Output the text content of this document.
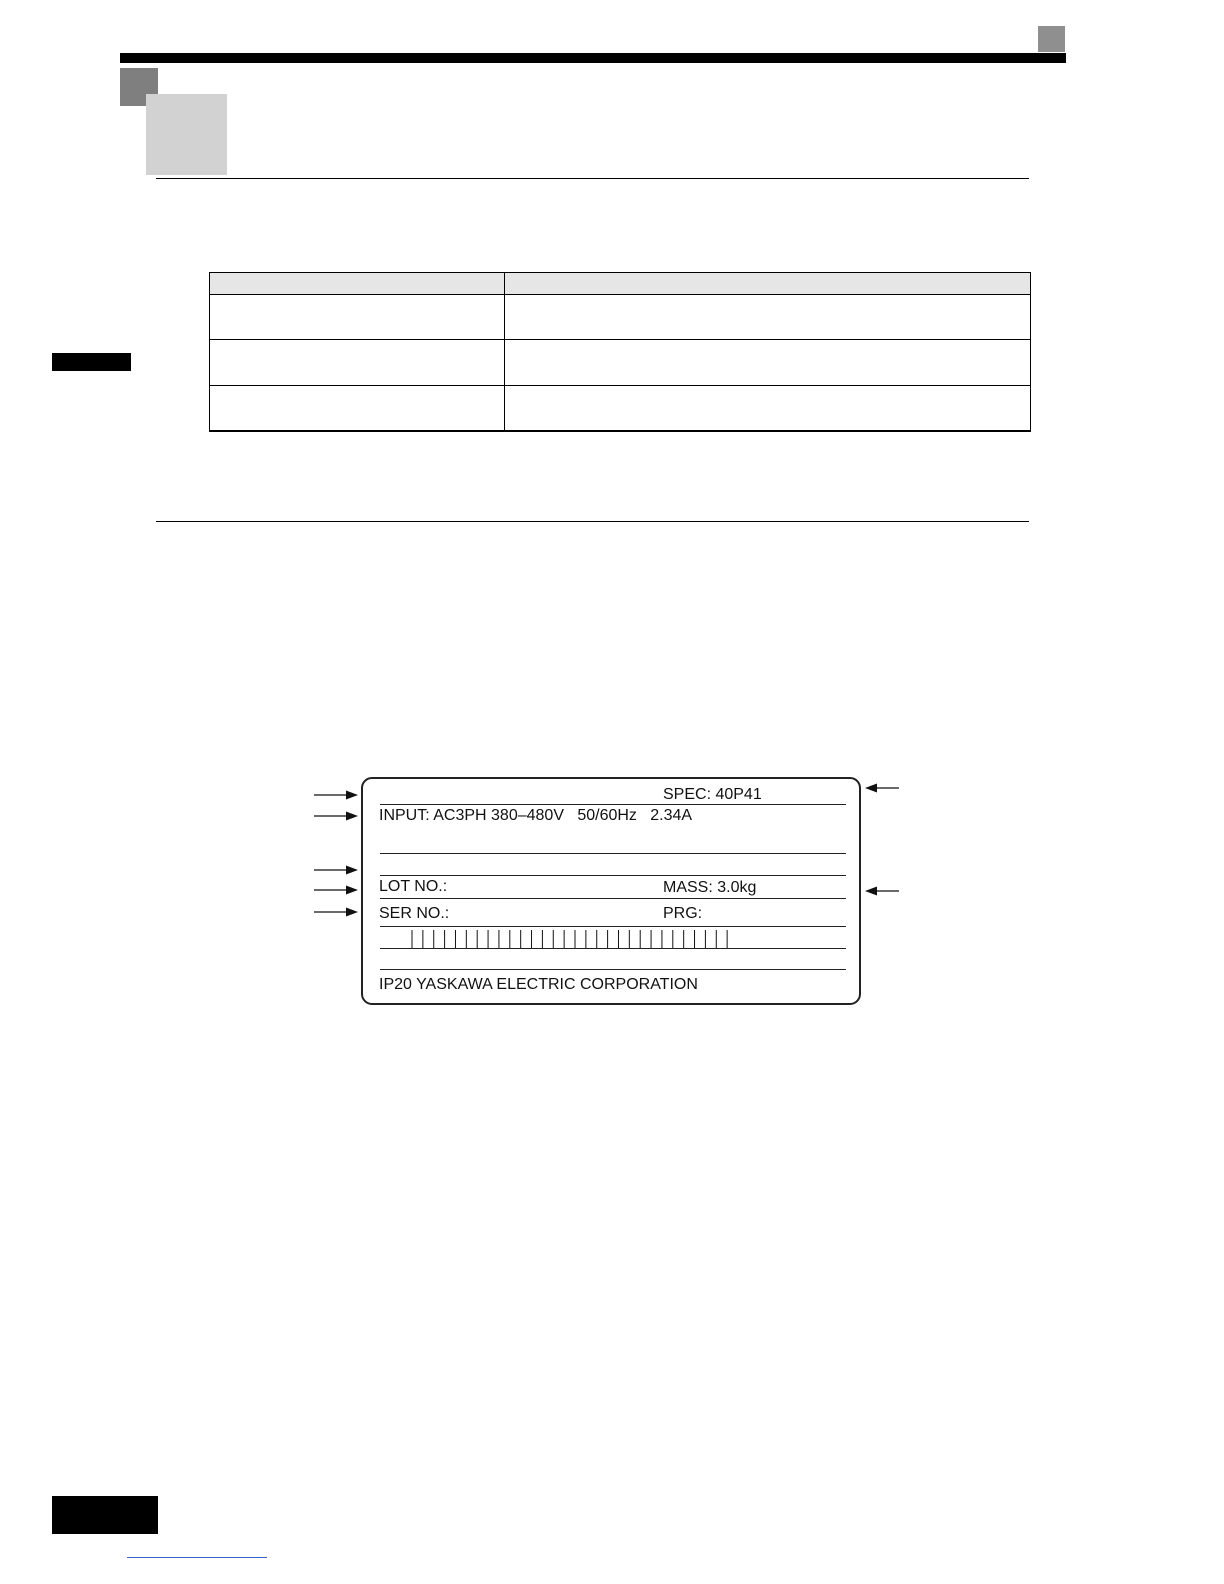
SPEC: 40P41
INPUT: AC3PH 380–480V   50/60Hz   2.34A
LOT NO.:	MASS: 3.0kg
SER NO.:	PRG:
IP20 YASKAWA ELECTRIC CORPORATION
